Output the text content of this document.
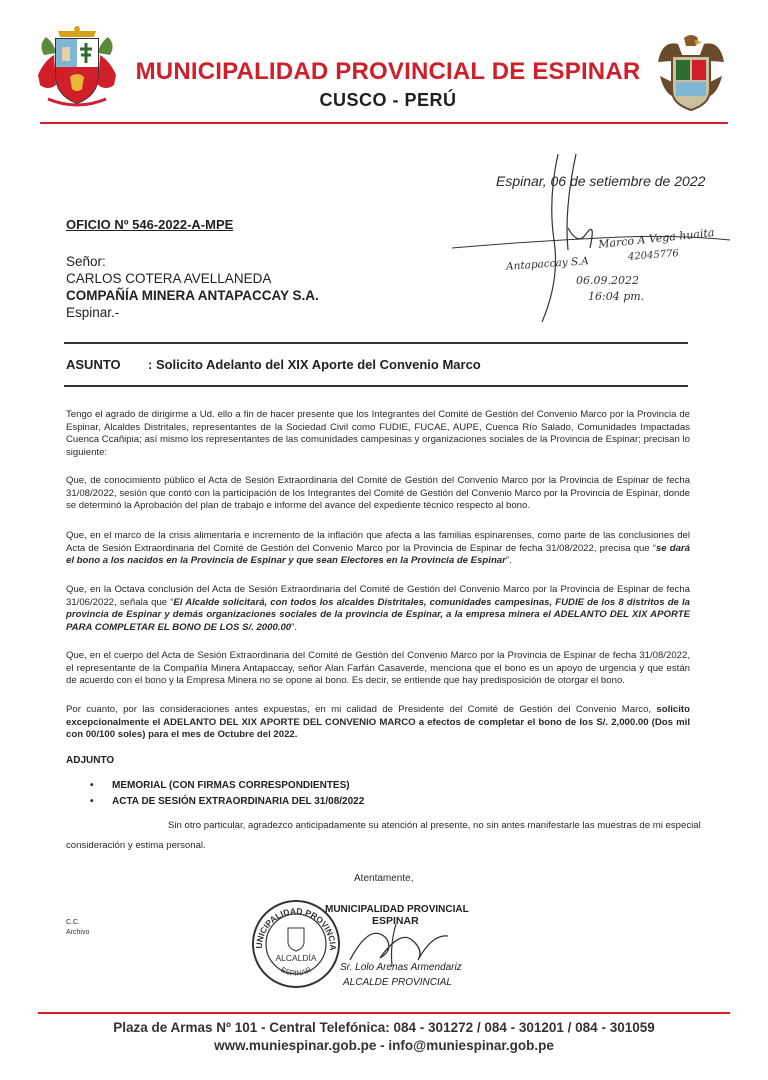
MUNICIPALIDAD PROVINCIAL DE ESPINAR
CUSCO - PERÚ
Espinar, 06 de setiembre de 2022
Marco A Vega huaita
42045776
Antapaccay S.A
06.09.2022
16:04 pm.
OFICIO Nº 546-2022-A-MPE
Señor:
CARLOS COTERA AVELLANEDA
COMPAÑÍA MINERA ANTAPACCAY S.A.
Espinar.-
ASUNTO : Solicito Adelanto del XIX Aporte del Convenio Marco
Tengo el agrado de dirigirme a Ud. ello a fin de hacer presente que los Integrantes del Comité de Gestión del Convenio Marco por la Provincia de Espinar, Alcaldes Distritales, representantes de la Sociedad Civil como FUDIE, FUCAE, AUPE, Cuenca Río Salado, Comunidades Impactadas Cuenca Ccañipia; así mismo los representantes de las comunidades campesinas y organizaciones sociales de la Provincia de Espinar; precisan lo siguiente:
Que, de conocimiento público el Acta de Sesión Extraordinaria del Comité de Gestión del Convenio Marco por la Provincia de Espinar de fecha 31/08/2022, sesión que contó con la participación de los Integrantes del Comité de Gestión del Convenio Marco por la Provincia de Espinar, donde se determinó la Aprobación del plan de trabajo e informe del avance del expediente técnico respecto al bono.
Que, en el marco de la crisis alimentaria e incremento de la inflación que afecta a las familias espinarenses, como parte de las conclusiones del Acta de Sesión Extraordinaria del Comité de Gestión del Convenio Marco por la Provincia de Espinar de fecha 31/08/2022, precisa que “se dará el bono a los nacidos en la Provincia de Espinar y que sean Electores en la Provincia de Espinar”.
Que, en la Octava conclusión del Acta de Sesión Extraordinaria del Comité de Gestión del Convenio Marco por la Provincia de Espinar de fecha 31/06/2022, señala que “El Alcalde solicitará, con todos los alcaldes Distritales, comunidades campesinas, FUDIE de los 8 distritos de la provincia de Espinar y demás organizaciones sociales de la provincia de Espinar, a la empresa minera el ADELANTO DEL XIX APORTE PARA COMPLETAR EL BONO DE LOS S/. 2000.00”.
Que, en el cuerpo del Acta de Sesión Extraordinaria del Comité de Gestión del Convenio Marco por la Provincia de Espinar de fecha 31/08/2022, el representante de la Compañía Minera Antapaccay, señor Alan Farfán Casaverde, menciona que el bono es un apoyo de urgencia y que están de acuerdo con el bono y la Empresa Minera no se opone al bono. Es decir, se entiende que hay predisposición de otorgar el bono.
Por cuanto, por las consideraciones antes expuestas, en mi calidad de Presidente del Comité de Gestión del Convenio Marco, solicito excepcionalmente el ADELANTO DEL XIX APORTE DEL CONVENIO MARCO a efectos de completar el bono de los S/. 2,000.00 (Dos mil con 00/100 soles) para el mes de Octubre del 2022.
ADJUNTO
• MEMORIAL (CON FIRMAS CORRESPONDIENTES)
• ACTA DE SESIÓN EXTRAORDINARIA DEL 31/08/2022
Sin otro particular, agradezco anticipadamente su atención al presente, no sin antes manifestarle las muestras de mi especial
consideración y estima personal.
Atentamente,
C.C.
Archivo
UNICIPALIDAD PROVINCIA
ALCALDÍA
ESPINAR
MUNICIPALIDAD PROVINCIAL
ESPINAR
Sr. Lolo Arenas Armendariz
ALCALDE PROVINCIAL
Plaza de Armas Nº 101 - Central Telefónica: 084 - 301272 / 084 - 301201 / 084 - 301059
www.muniespinar.gob.pe - info@muniespinar.gob.pe
